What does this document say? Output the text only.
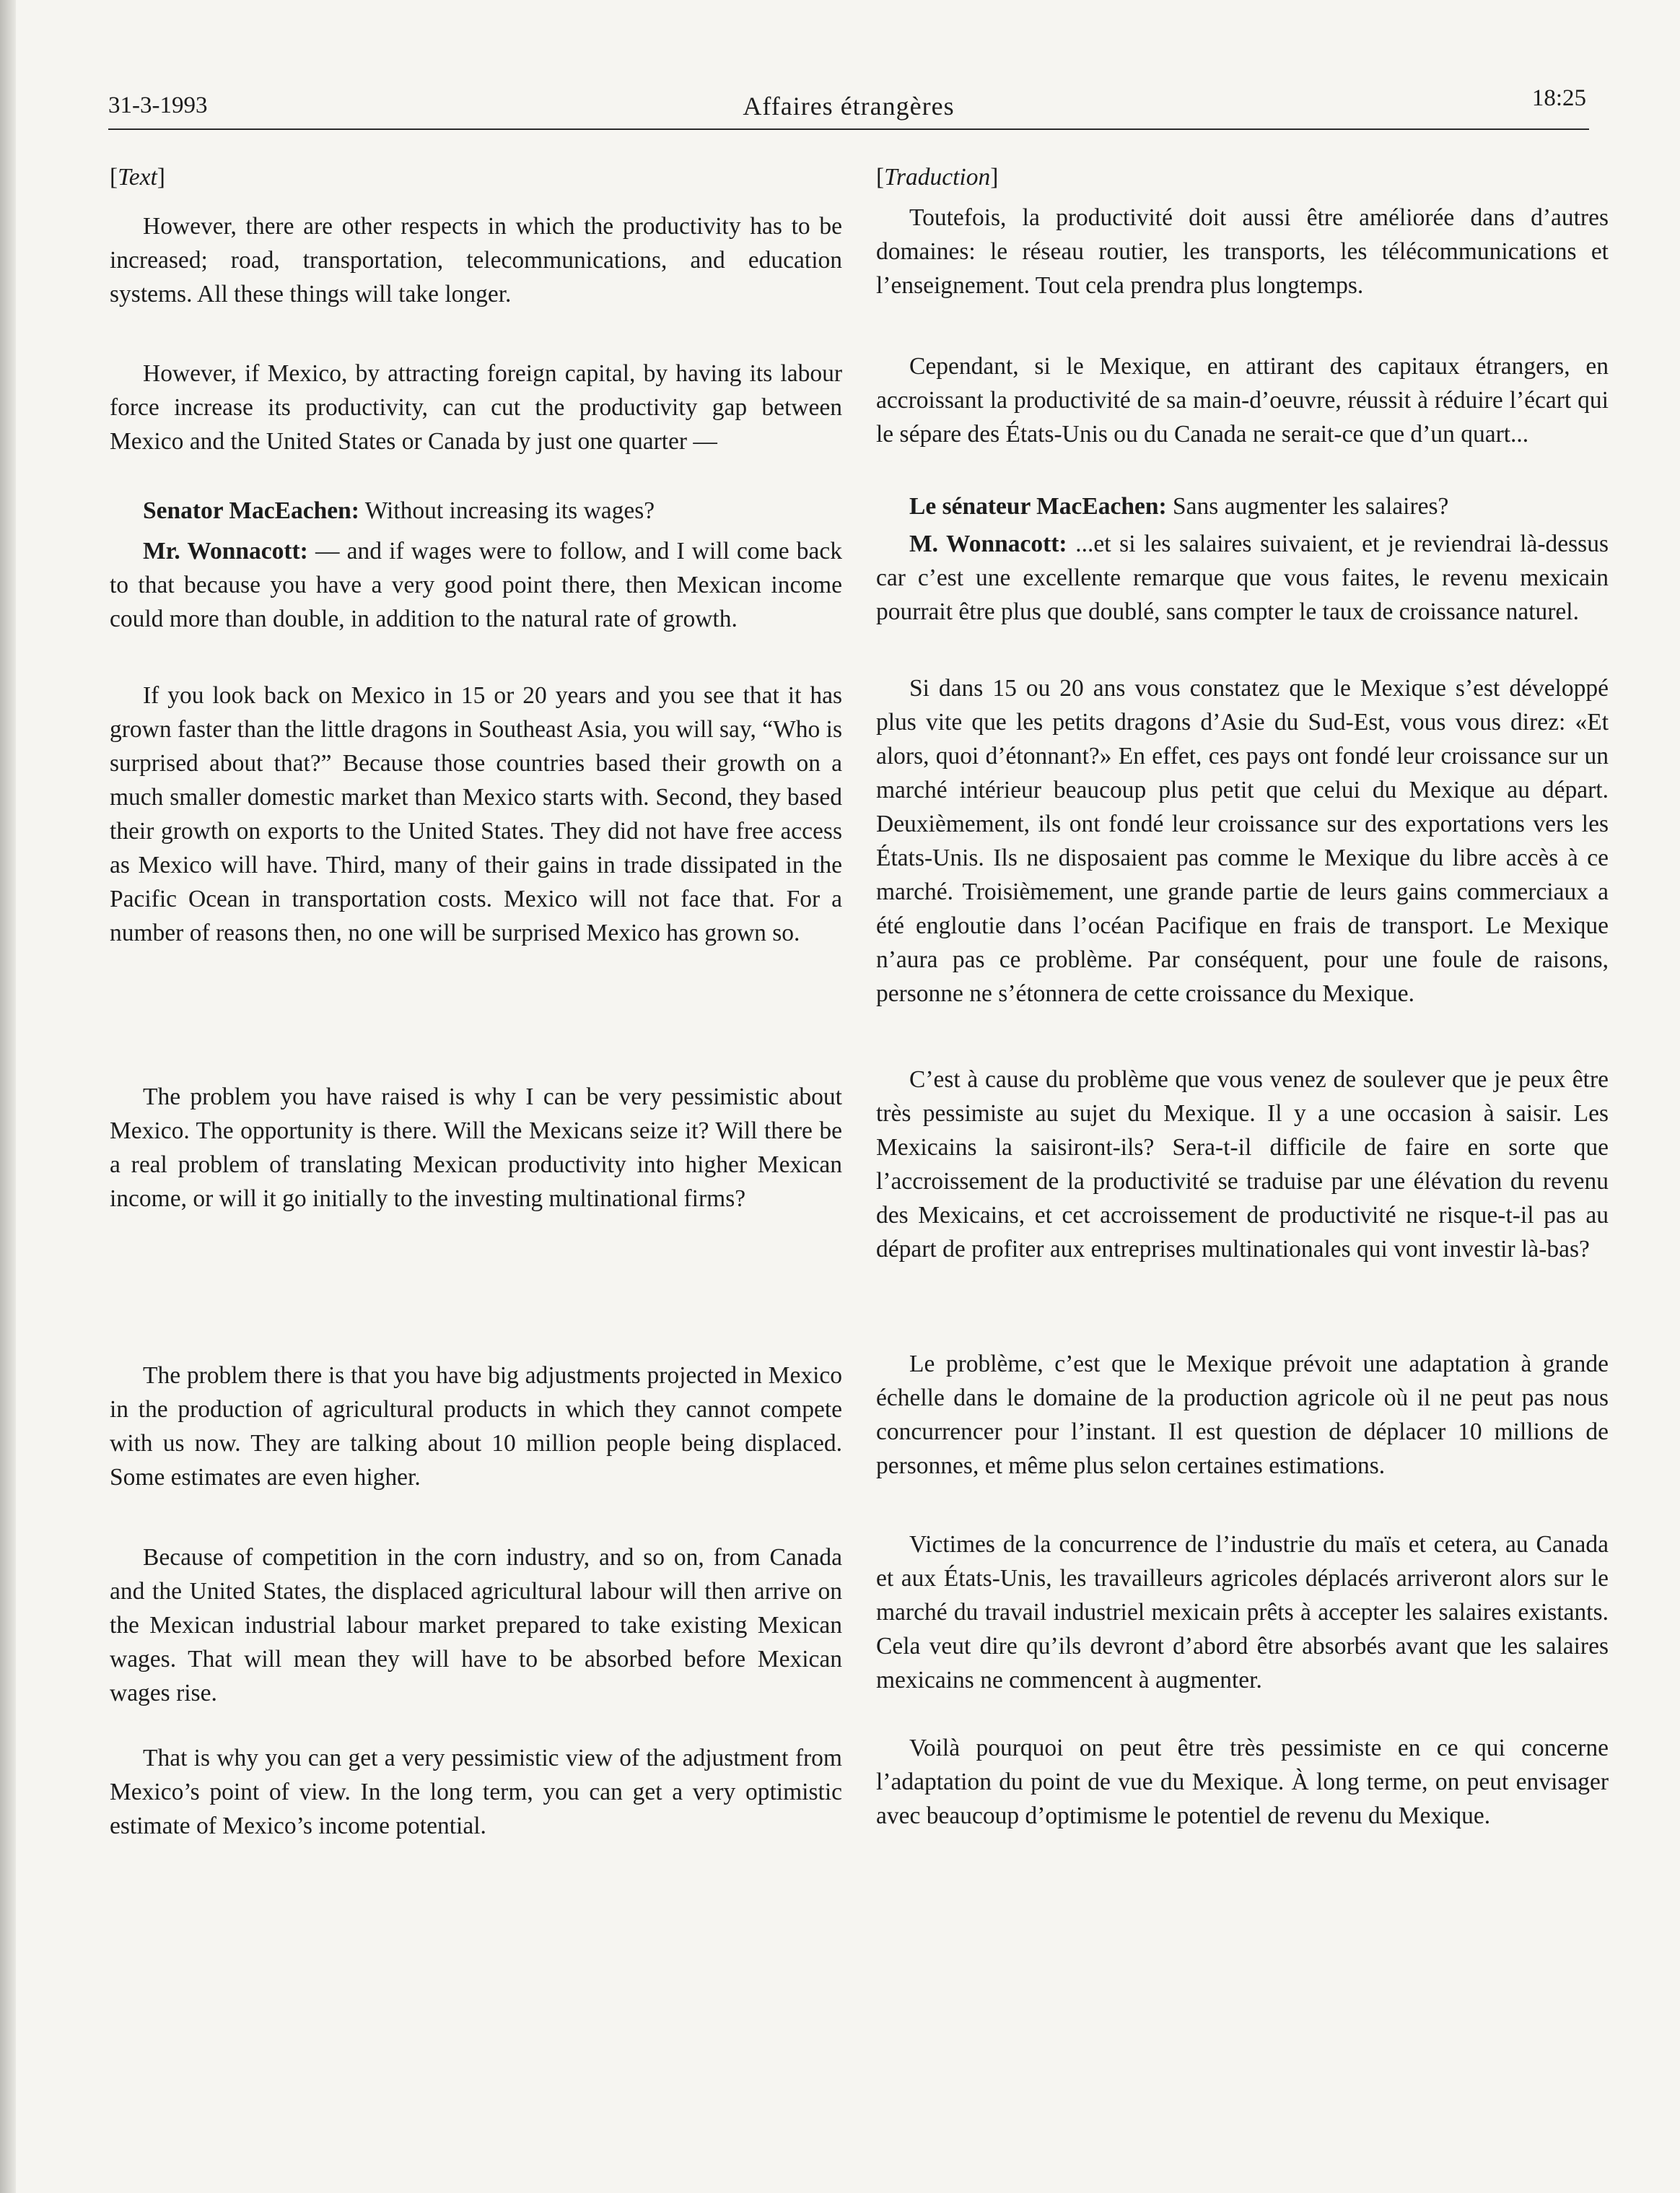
31-3-1993	Affaires étrangères	18:25

[Text]

However, there are other respects in which the productivity has to be increased; road, transportation, telecommunications, and education systems. All these things will take longer.

However, if Mexico, by attracting foreign capital, by having its labour force increase its productivity, can cut the productivity gap between Mexico and the United States or Canada by just one quarter —

Senator MacEachen: Without increasing its wages?

Mr. Wonnacott: — and if wages were to follow, and I will come back to that because you have a very good point there, then Mexican income could more than double, in addition to the natural rate of growth.

If you look back on Mexico in 15 or 20 years and you see that it has grown faster than the little dragons in Southeast Asia, you will say, “Who is surprised about that?” Because those countries based their growth on a much smaller domestic market than Mexico starts with. Second, they based their growth on exports to the United States. They did not have free access as Mexico will have. Third, many of their gains in trade dissipated in the Pacific Ocean in transportation costs. Mexico will not face that. For a number of reasons then, no one will be surprised Mexico has grown so.

The problem you have raised is why I can be very pessimistic about Mexico. The opportunity is there. Will the Mexicans seize it? Will there be a real problem of translating Mexican productivity into higher Mexican income, or will it go initially to the investing multinational firms?

The problem there is that you have big adjustments projected in Mexico in the production of agricultural products in which they cannot compete with us now. They are talking about 10 million people being displaced. Some estimates are even higher.

Because of competition in the corn industry, and so on, from Canada and the United States, the displaced agricultural labour will then arrive on the Mexican industrial labour market prepared to take existing Mexican wages. That will mean they will have to be absorbed before Mexican wages rise.

That is why you can get a very pessimistic view of the adjustment from Mexico’s point of view. In the long term, you can get a very optimistic estimate of Mexico’s income potential.

[Traduction]

Toutefois, la productivité doit aussi être améliorée dans d’autres domaines: le réseau routier, les transports, les télécommunications et l’enseignement. Tout cela prendra plus longtemps.

Cependant, si le Mexique, en attirant des capitaux étrangers, en accroissant la productivité de sa main-d’oeuvre, réussit à réduire l’écart qui le sépare des États-Unis ou du Canada ne serait-ce que d’un quart...

Le sénateur MacEachen: Sans augmenter les salaires?

M. Wonnacott: ...et si les salaires suivaient, et je reviendrai là-dessus car c’est une excellente remarque que vous faites, le revenu mexicain pourrait être plus que doublé, sans compter le taux de croissance naturel.

Si dans 15 ou 20 ans vous constatez que le Mexique s’est développé plus vite que les petits dragons d’Asie du Sud-Est, vous vous direz: «Et alors, quoi d’étonnant?» En effet, ces pays ont fondé leur croissance sur un marché intérieur beaucoup plus petit que celui du Mexique au départ. Deuxièmement, ils ont fondé leur croissance sur des exportations vers les États-Unis. Ils ne disposaient pas comme le Mexique du libre accès à ce marché. Troisièmement, une grande partie de leurs gains commerciaux a été engloutie dans l’océan Pacifique en frais de transport. Le Mexique n’aura pas ce problème. Par conséquent, pour une foule de raisons, personne ne s’étonnera de cette croissance du Mexique.

C’est à cause du problème que vous venez de soulever que je peux être très pessimiste au sujet du Mexique. Il y a une occasion à saisir. Les Mexicains la saisiront-ils? Sera-t-il difficile de faire en sorte que l’accroissement de la productivité se traduise par une élévation du revenu des Mexicains, et cet accroissement de productivité ne risque-t-il pas au départ de profiter aux entreprises multinationales qui vont investir là-bas?

Le problème, c’est que le Mexique prévoit une adaptation à grande échelle dans le domaine de la production agricole où il ne peut pas nous concurrencer pour l’instant. Il est question de déplacer 10 millions de personnes, et même plus selon certaines estimations.

Victimes de la concurrence de l’industrie du maïs et cetera, au Canada et aux États-Unis, les travailleurs agricoles déplacés arriveront alors sur le marché du travail industriel mexicain prêts à accepter les salaires existants. Cela veut dire qu’ils devront d’abord être absorbés avant que les salaires mexicains ne commencent à augmenter.

Voilà pourquoi on peut être très pessimiste en ce qui concerne l’adaptation du point de vue du Mexique. À long terme, on peut envisager avec beaucoup d’optimisme le potentiel de revenu du Mexique.
